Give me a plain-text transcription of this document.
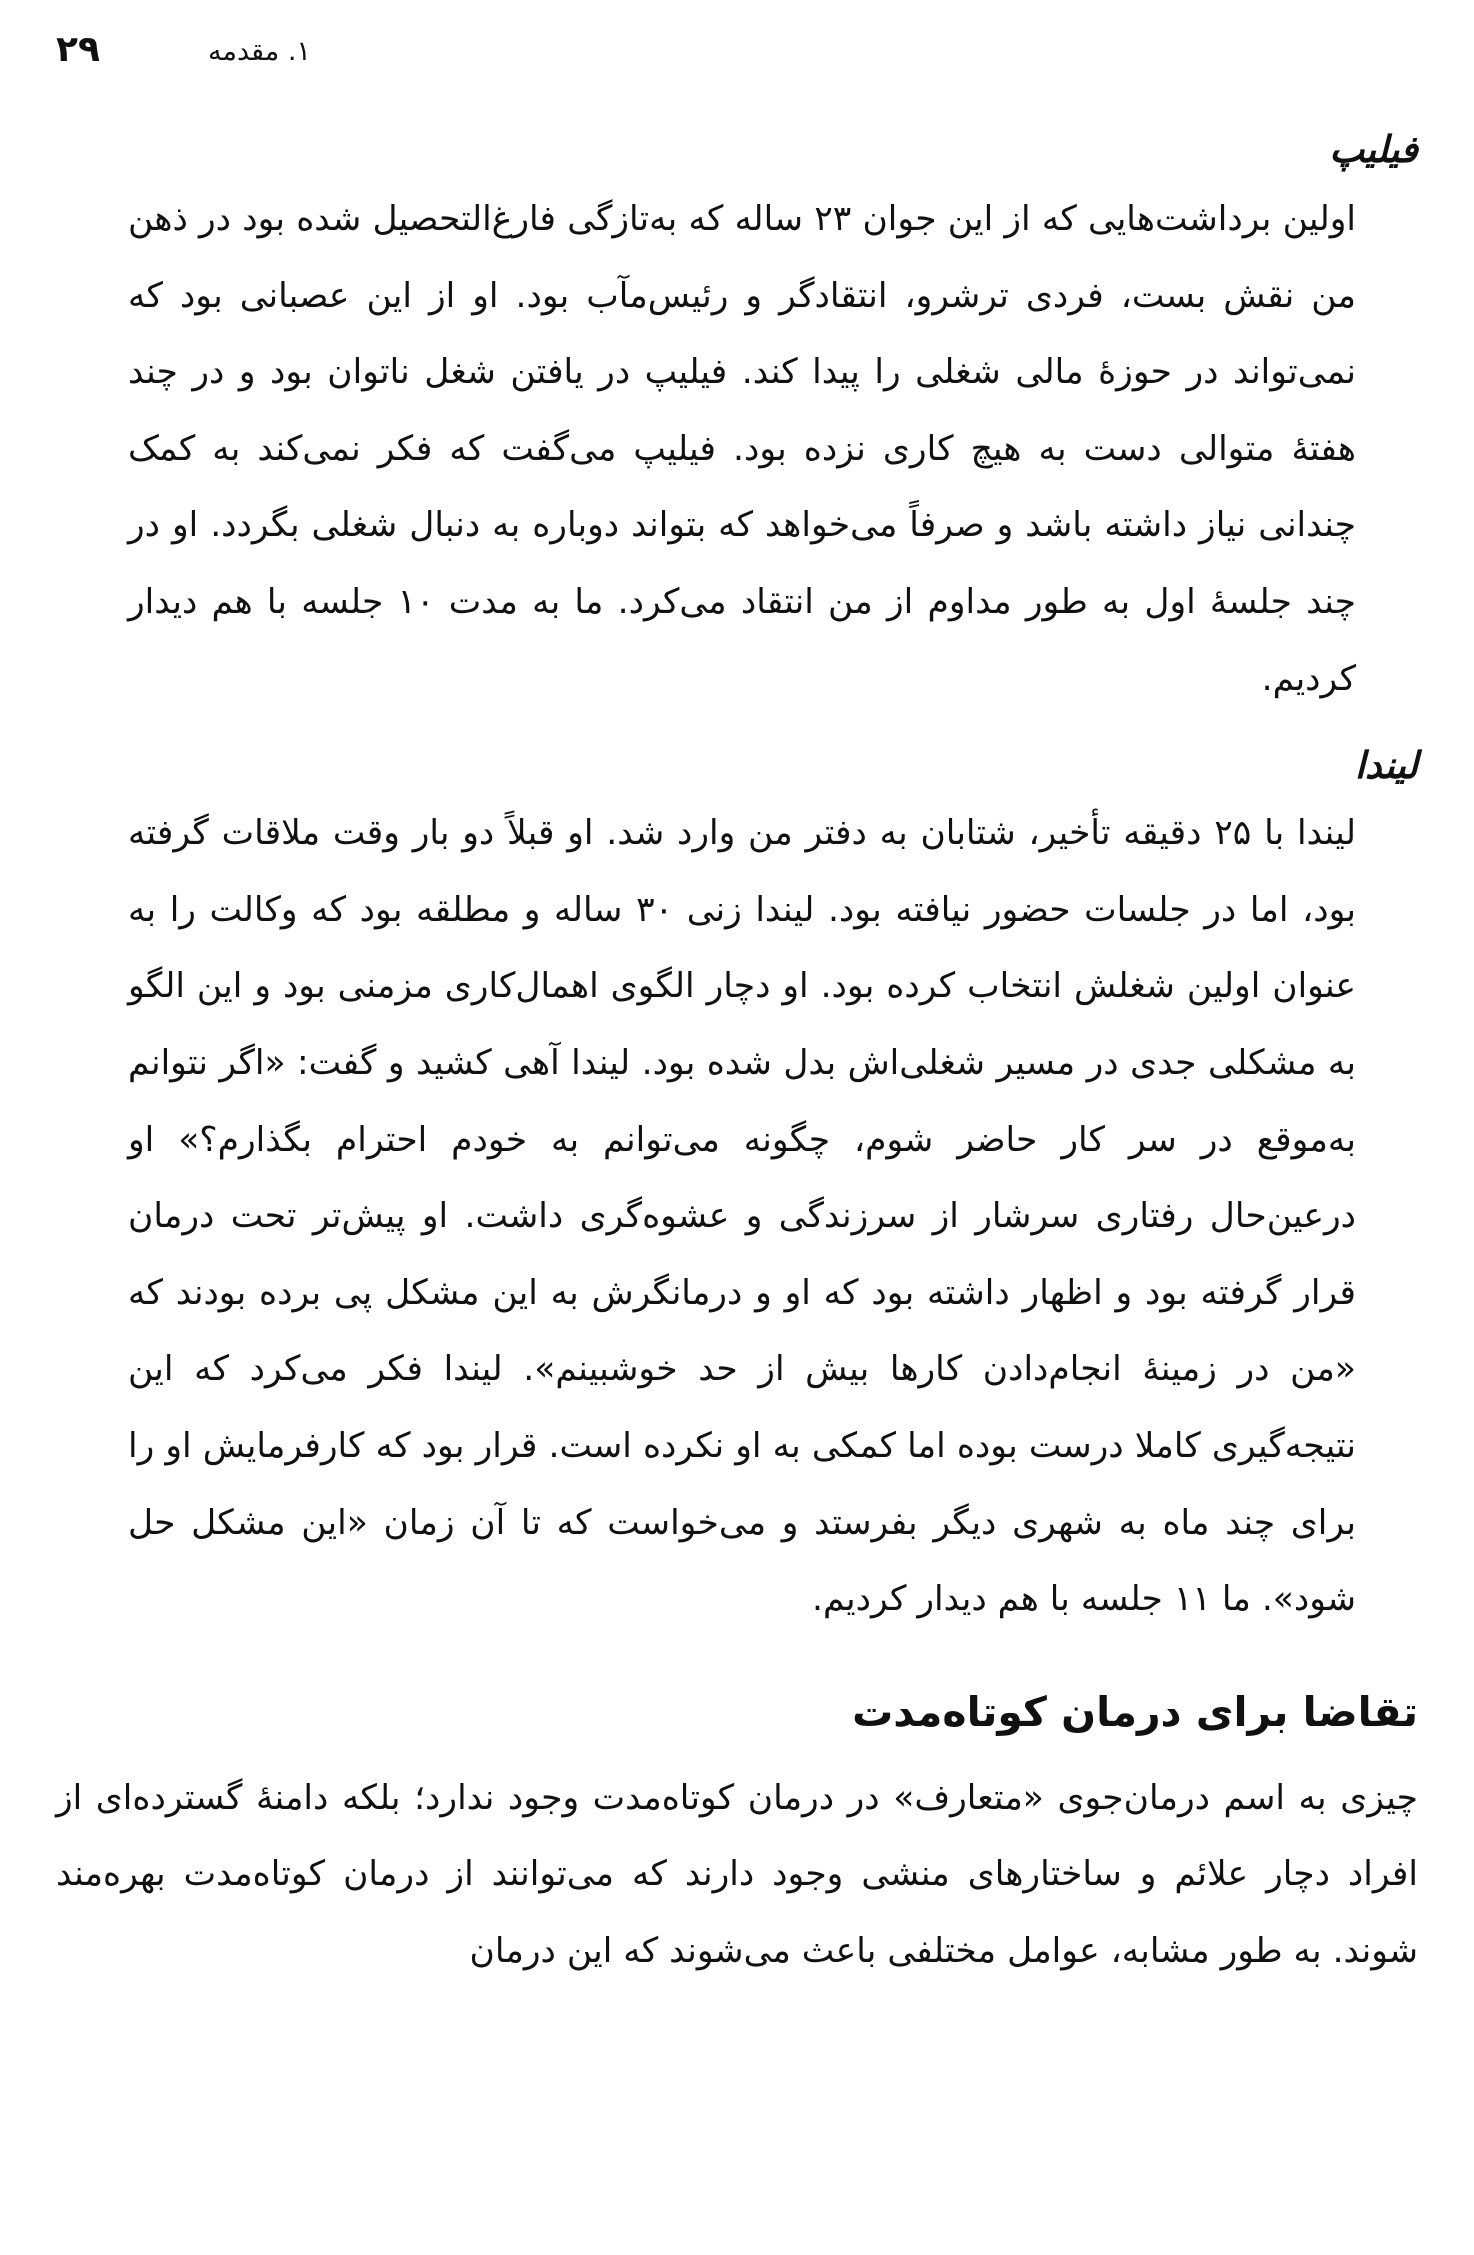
۲۹	۱. مقدمه
فیلیپ

اولین برداشت‌هایی که از این جوان ۲۳ ساله که به‌تازگی فارغ‌التحصیل شده بود در ذهن من نقش بست، فردی ترشرو، انتقادگر و رئیس‌مآب بود. او از این عصبانی بود که نمی‌تواند در حوزهٔ مالی شغلی را پیدا کند. فیلیپ در یافتن شغل ناتوان بود و در چند هفتهٔ متوالی دست به هیچ کاری نزده بود. فیلیپ می‌گفت که فکر نمی‌کند به کمک چندانی نیاز داشته باشد و صرفاً می‌خواهد که بتواند دوباره به دنبال شغلی بگردد. او در چند جلسهٔ اول به طور مداوم از من انتقاد می‌کرد. ما به مدت ۱۰ جلسه با هم دیدار کردیم.

لیندا

لیندا با ۲۵ دقیقه تأخیر، شتابان به دفتر من وارد شد. او قبلاً دو بار وقت ملاقات گرفته بود، اما در جلسات حضور نیافته بود. لیندا زنی ۳۰ ساله و مطلقه بود که وکالت را به عنوان اولین شغلش انتخاب کرده بود. او دچار الگوی اهمال‌کاری مزمنی بود و این الگو به مشکلی جدی در مسیر شغلی‌اش بدل شده بود. لیندا آهی کشید و گفت: «اگر نتوانم به‌موقع در سر کار حاضر شوم، چگونه می‌توانم به خودم احترام بگذارم؟» او درعین‌حال رفتاری سرشار از سرزندگی و عشوه‌گری داشت. او پیش‌تر تحت درمان قرار گرفته بود و اظهار داشته بود که او و درمانگرش به این مشکل پی برده بودند که «من در زمینهٔ انجام‌دادن کارها بیش از حد خوشبینم». لیندا فکر می‌کرد که این نتیجه‌گیری کاملا درست بوده اما کمکی به او نکرده است. قرار بود که کارفرمایش او را برای چند ماه به شهری دیگر بفرستد و می‌خواست که تا آن زمان «این مشکل حل شود». ما ۱۱ جلسه با هم دیدار کردیم.

تقاضا برای درمان کوتاه‌مدت

چیزی به اسم درمان‌جوی «متعارف» در درمان کوتاه‌مدت وجود ندارد؛ بلکه دامنهٔ گسترده‌ای از افراد دچار علائم و ساختارهای منشی وجود دارند که می‌توانند از درمان کوتاه‌مدت بهره‌مند شوند. به طور مشابه، عوامل مختلفی باعث می‌شوند که این درمان
